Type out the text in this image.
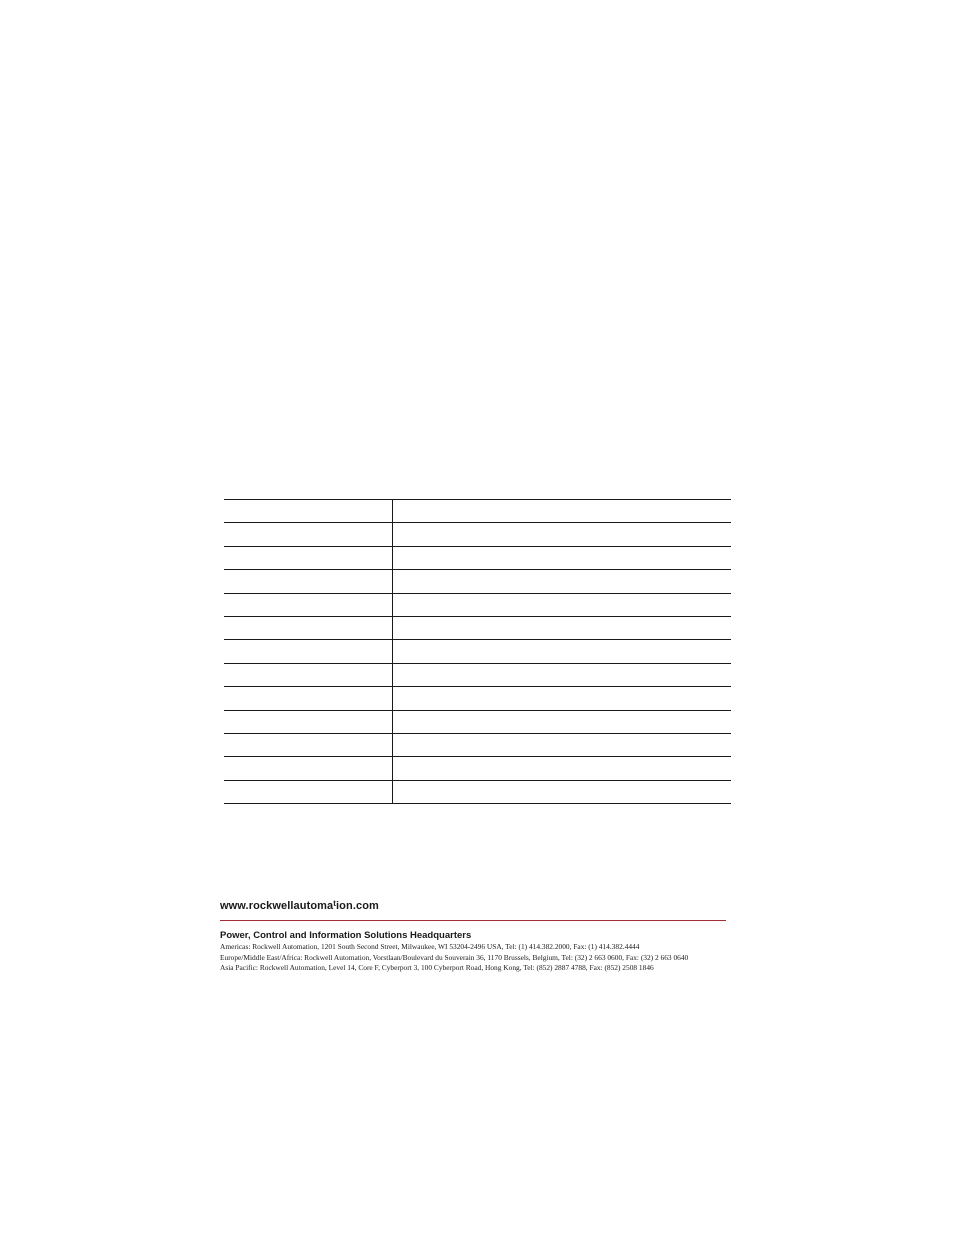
www.rockwellautoma$^t$ion.com
Power, Control and Information Solutions Headquarters
Americas: Rockwell Automation, 1201 South Second Street, Milwaukee, WI 53204-2496 USA, Tel: (1) 414.382.2000, Fax: (1) 414.382.4444
Europe/Middle East/Africa: Rockwell Automation, Vorstlaan/Boulevard du Souverain 36, 1170 Brussels, Belgium, Tel: (32) 2 663 0600, Fax: (32) 2 663 0640
Asia Pacific: Rockwell Automation, Level 14, Core F, Cyberport 3, 100 Cyberport Road, Hong Kong, Tel: (852) 2887 4788, Fax: (852) 2508 1846
